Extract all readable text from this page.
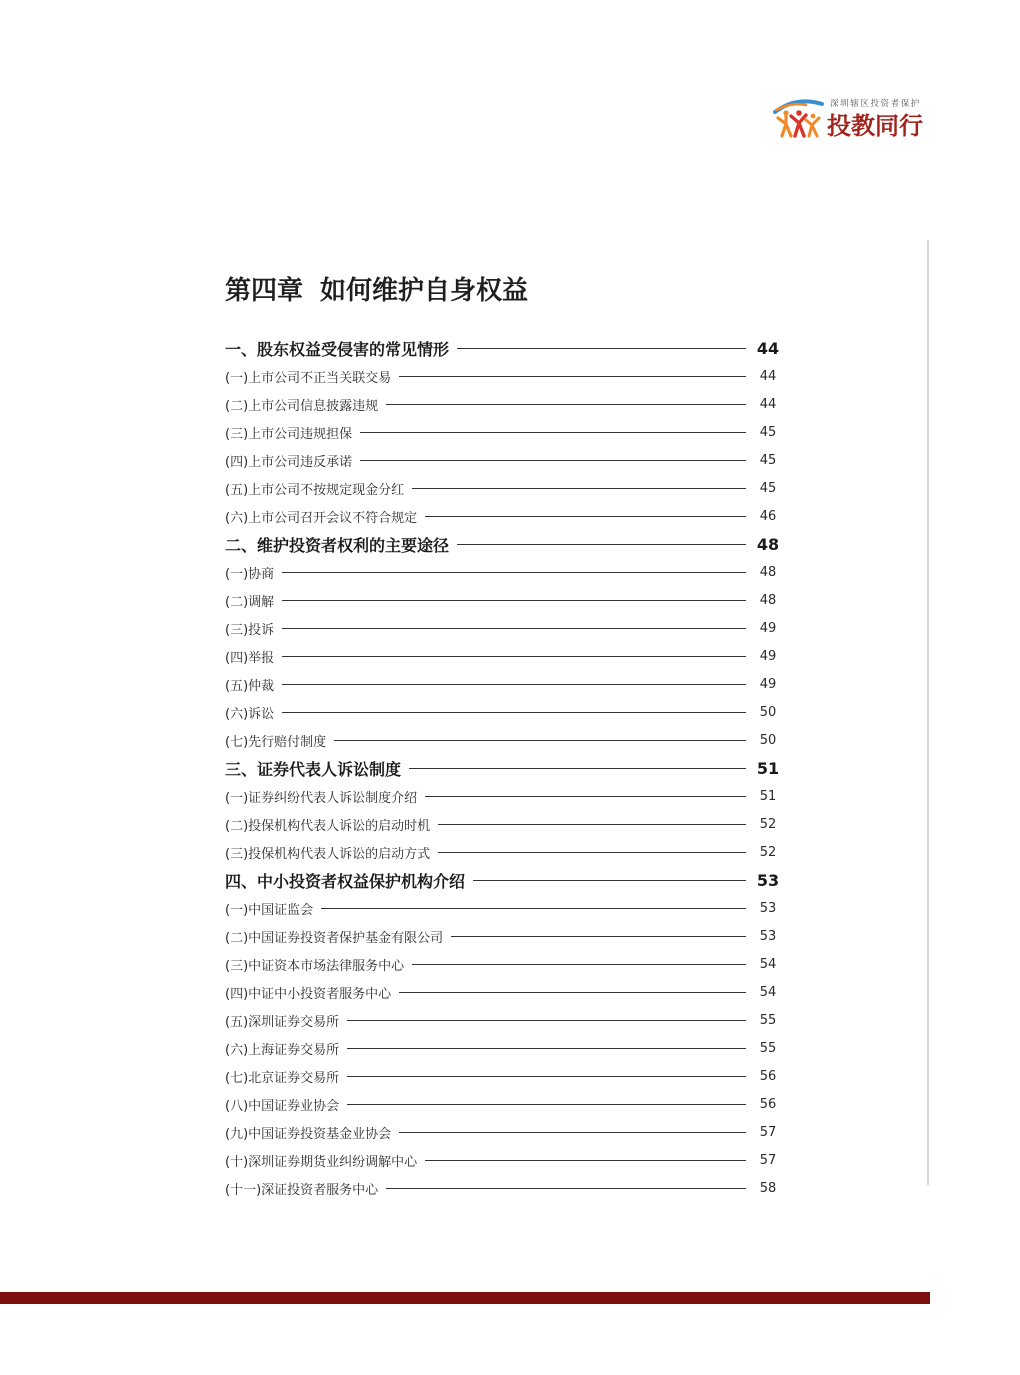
深圳辖区投资者保护
投教同行
第四章 如何维护自身权益
一、股东权益受侵害的常见情形	44
(一)上市公司不正当关联交易	44
(二)上市公司信息披露违规	44
(三)上市公司违规担保	45
(四)上市公司违反承诺	45
(五)上市公司不按规定现金分红	45
(六)上市公司召开会议不符合规定	46
二、维护投资者权利的主要途径	48
(一)协商	48
(二)调解	48
(三)投诉	49
(四)举报	49
(五)仲裁	49
(六)诉讼	50
(七)先行赔付制度	50
三、证券代表人诉讼制度	51
(一)证券纠纷代表人诉讼制度介绍	51
(二)投保机构代表人诉讼的启动时机	52
(三)投保机构代表人诉讼的启动方式	52
四、中小投资者权益保护机构介绍	53
(一)中国证监会	53
(二)中国证券投资者保护基金有限公司	53
(三)中证资本市场法律服务中心	54
(四)中证中小投资者服务中心	54
(五)深圳证券交易所	55
(六)上海证券交易所	55
(七)北京证券交易所	56
(八)中国证券业协会	56
(九)中国证券投资基金业协会	57
(十)深圳证券期货业纠纷调解中心	57
(十一)深证投资者服务中心	58
